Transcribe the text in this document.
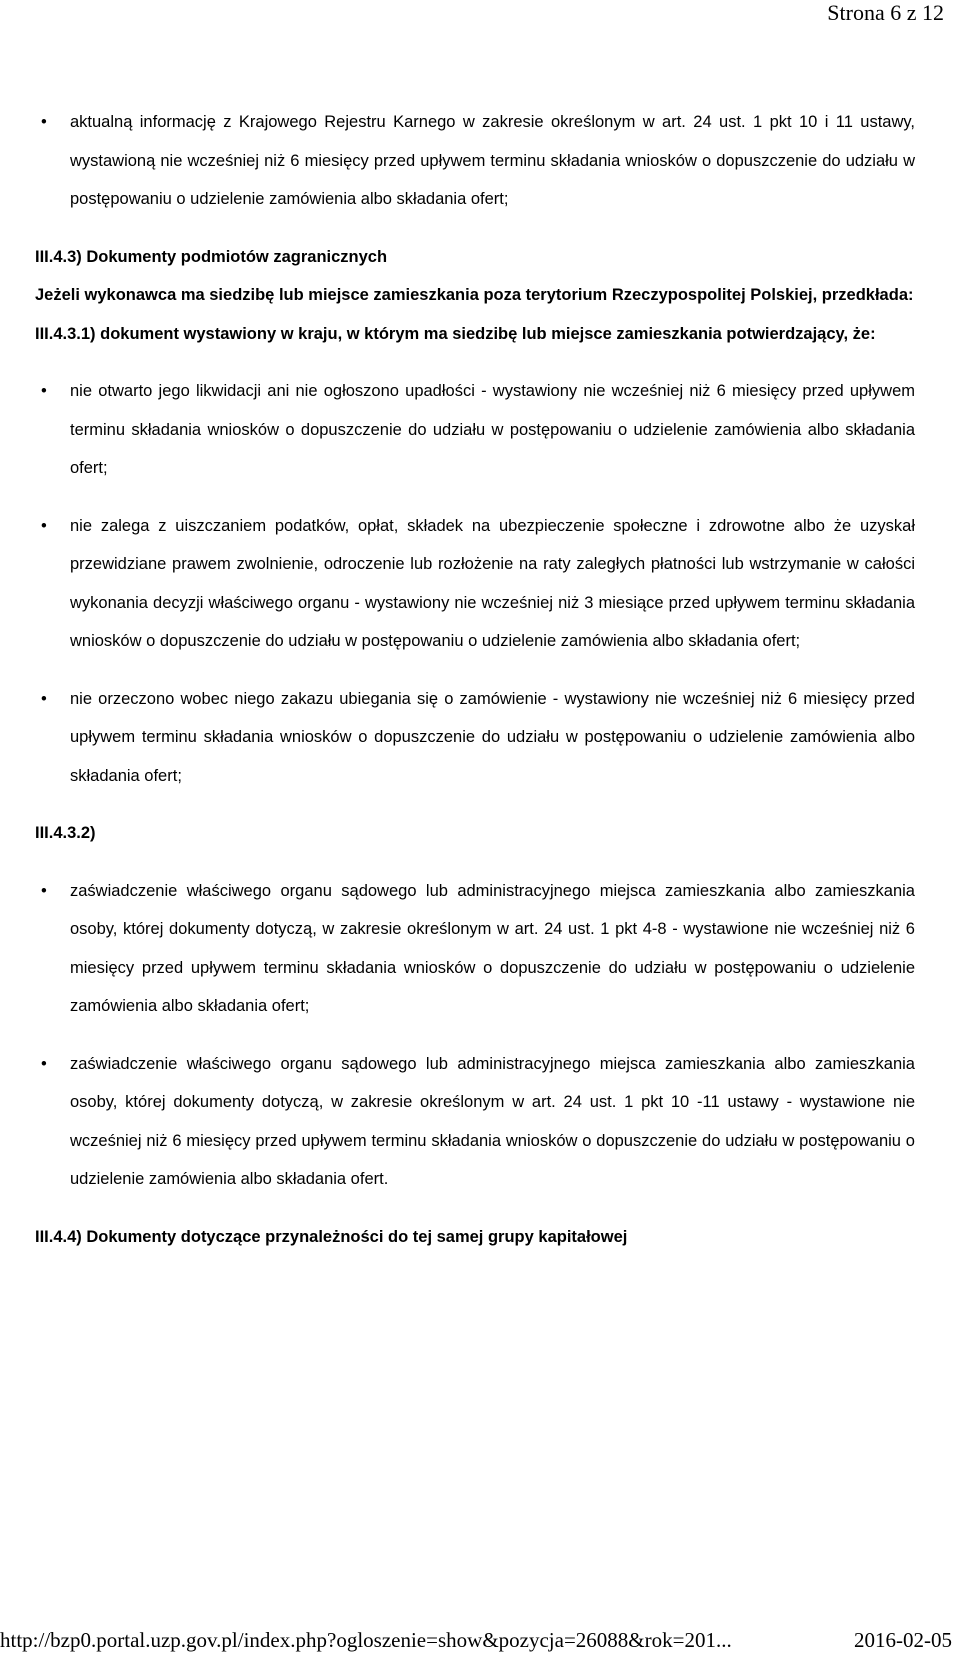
Strona 6 z 12
• aktualną informację z Krajowego Rejestru Karnego w zakresie określonym w art. 24 ust. 1 pkt 10 i 11 ustawy, wystawioną nie wcześniej niż 6 miesięcy przed upływem terminu składania wniosków o dopuszczenie do udziału w postępowaniu o udzielenie zamówienia albo składania ofert;

III.4.3) Dokumenty podmiotów zagranicznych

Jeżeli wykonawca ma siedzibę lub miejsce zamieszkania poza terytorium Rzeczypospolitej Polskiej, przedkłada:

III.4.3.1) dokument wystawiony w kraju, w którym ma siedzibę lub miejsce zamieszkania potwierdzający, że:

• nie otwarto jego likwidacji ani nie ogłoszono upadłości - wystawiony nie wcześniej niż 6 miesięcy przed upływem terminu składania wniosków o dopuszczenie do udziału w postępowaniu o udzielenie zamówienia albo składania ofert;
• nie zalega z uiszczaniem podatków, opłat, składek na ubezpieczenie społeczne i zdrowotne albo że uzyskał przewidziane prawem zwolnienie, odroczenie lub rozłożenie na raty zaległych płatności lub wstrzymanie w całości wykonania decyzji właściwego organu - wystawiony nie wcześniej niż 3 miesiące przed upływem terminu składania wniosków o dopuszczenie do udziału w postępowaniu o udzielenie zamówienia albo składania ofert;
• nie orzeczono wobec niego zakazu ubiegania się o zamówienie - wystawiony nie wcześniej niż 6 miesięcy przed upływem terminu składania wniosków o dopuszczenie do udziału w postępowaniu o udzielenie zamówienia albo składania ofert;

III.4.3.2)

• zaświadczenie właściwego organu sądowego lub administracyjnego miejsca zamieszkania albo zamieszkania osoby, której dokumenty dotyczą, w zakresie określonym w art. 24 ust. 1 pkt 4-8 - wystawione nie wcześniej niż 6 miesięcy przed upływem terminu składania wniosków o dopuszczenie do udziału w postępowaniu o udzielenie zamówienia albo składania ofert;
• zaświadczenie właściwego organu sądowego lub administracyjnego miejsca zamieszkania albo zamieszkania osoby, której dokumenty dotyczą, w zakresie określonym w art. 24 ust. 1 pkt 10 -11 ustawy - wystawione nie wcześniej niż 6 miesięcy przed upływem terminu składania wniosków o dopuszczenie do udziału w postępowaniu o udzielenie zamówienia albo składania ofert.

III.4.4) Dokumenty dotyczące przynależności do tej samej grupy kapitałowej

http://bzp0.portal.uzp.gov.pl/index.php?ogloszenie=show&pozycja=26088&rok=201...	2016-02-05
